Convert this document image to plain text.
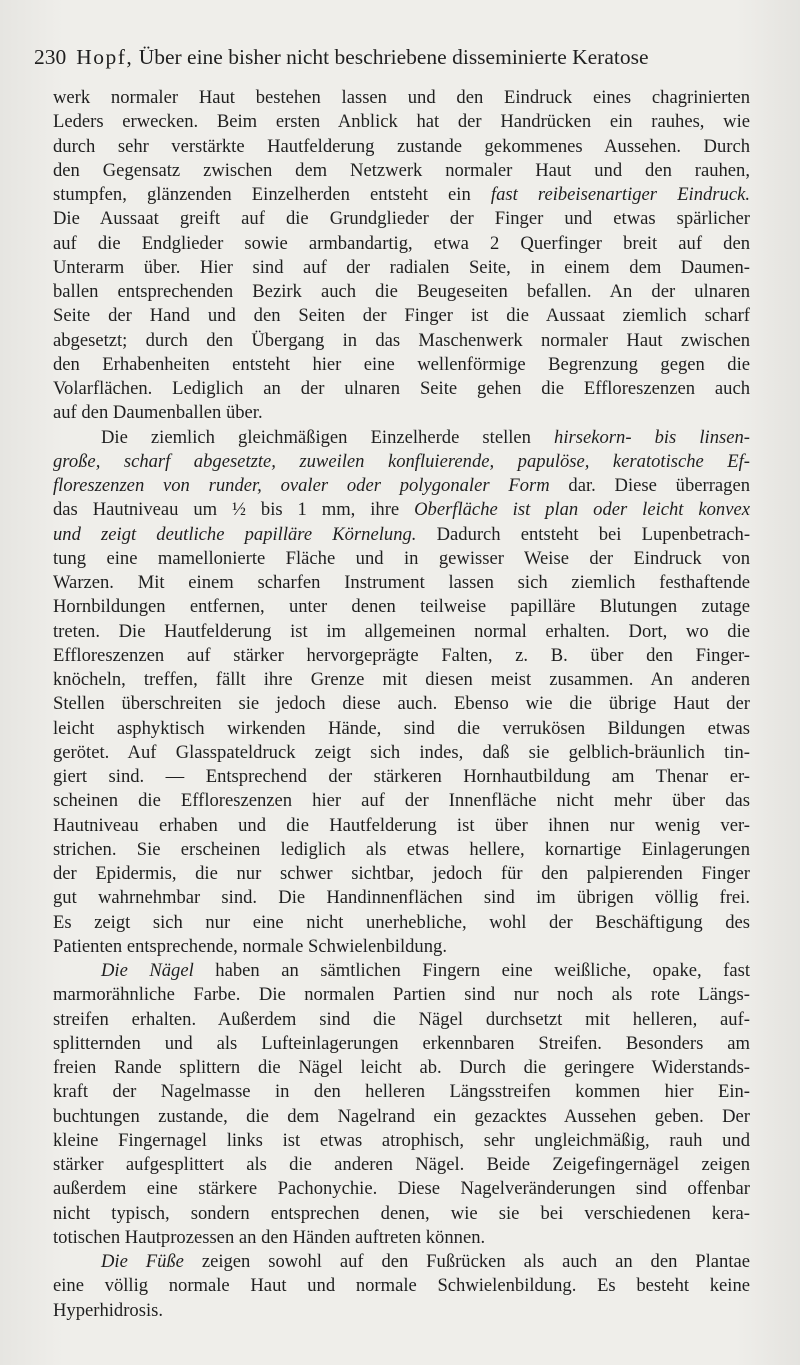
230 Hopf, Über eine bisher nicht beschriebene disseminierte Keratose
werk normaler Haut bestehen lassen und den Eindruck eines chagrinierten
Leders erwecken. Beim ersten Anblick hat der Handrücken ein rauhes, wie
durch sehr verstärkte Hautfelderung zustande gekommenes Aussehen. Durch
den Gegensatz zwischen dem Netzwerk normaler Haut und den rauhen,
stumpfen, glänzenden Einzelherden entsteht ein fast reibeisenartiger Eindruck.
Die Aussaat greift auf die Grundglieder der Finger und etwas spärlicher
auf die Endglieder sowie armbandartig, etwa 2 Querfinger breit auf den
Unterarm über. Hier sind auf der radialen Seite, in einem dem Daumen-
ballen entsprechenden Bezirk auch die Beugeseiten befallen. An der ulnaren
Seite der Hand und den Seiten der Finger ist die Aussaat ziemlich scharf
abgesetzt; durch den Übergang in das Maschenwerk normaler Haut zwischen
den Erhabenheiten entsteht hier eine wellenförmige Begrenzung gegen die
Volarflächen. Lediglich an der ulnaren Seite gehen die Effloreszenzen auch
auf den Daumenballen über.
Die ziemlich gleichmäßigen Einzelherde stellen hirsekorn- bis linsen-
große, scharf abgesetzte, zuweilen konfluierende, papulöse, keratotische Ef-
floreszenzen von runder, ovaler oder polygonaler Form dar. Diese überragen
das Hautniveau um ½ bis 1 mm, ihre Oberfläche ist plan oder leicht konvex
und zeigt deutliche papilläre Körnelung. Dadurch entsteht bei Lupenbetrach-
tung eine mamellonierte Fläche und in gewisser Weise der Eindruck von
Warzen. Mit einem scharfen Instrument lassen sich ziemlich festhaftende
Hornbildungen entfernen, unter denen teilweise papilläre Blutungen zutage
treten. Die Hautfelderung ist im allgemeinen normal erhalten. Dort, wo die
Effloreszenzen auf stärker hervorgeprägte Falten, z. B. über den Finger-
knöcheln, treffen, fällt ihre Grenze mit diesen meist zusammen. An anderen
Stellen überschreiten sie jedoch diese auch. Ebenso wie die übrige Haut der
leicht asphyktisch wirkenden Hände, sind die verrukösen Bildungen etwas
gerötet. Auf Glasspateldruck zeigt sich indes, daß sie gelblich-bräunlich tin-
giert sind. — Entsprechend der stärkeren Hornhautbildung am Thenar er-
scheinen die Effloreszenzen hier auf der Innenfläche nicht mehr über das
Hautniveau erhaben und die Hautfelderung ist über ihnen nur wenig ver-
strichen. Sie erscheinen lediglich als etwas hellere, kornartige Einlagerungen
der Epidermis, die nur schwer sichtbar, jedoch für den palpierenden Finger
gut wahrnehmbar sind. Die Handinnenflächen sind im übrigen völlig frei.
Es zeigt sich nur eine nicht unerhebliche, wohl der Beschäftigung des
Patienten entsprechende, normale Schwielenbildung.
Die Nägel haben an sämtlichen Fingern eine weißliche, opake, fast
marmorähnliche Farbe. Die normalen Partien sind nur noch als rote Längs-
streifen erhalten. Außerdem sind die Nägel durchsetzt mit helleren, auf-
splitternden und als Lufteinlagerungen erkennbaren Streifen. Besonders am
freien Rande splittern die Nägel leicht ab. Durch die geringere Widerstands-
kraft der Nagelmasse in den helleren Längsstreifen kommen hier Ein-
buchtungen zustande, die dem Nagelrand ein gezacktes Aussehen geben. Der
kleine Fingernagel links ist etwas atrophisch, sehr ungleichmäßig, rauh und
stärker aufgesplittert als die anderen Nägel. Beide Zeigefingernägel zeigen
außerdem eine stärkere Pachonychie. Diese Nagelveränderungen sind offenbar
nicht typisch, sondern entsprechen denen, wie sie bei verschiedenen kera-
totischen Hautprozessen an den Händen auftreten können.
Die Füße zeigen sowohl auf den Fußrücken als auch an den Plantae
eine völlig normale Haut und normale Schwielenbildung. Es besteht keine
Hyperhidrosis.
